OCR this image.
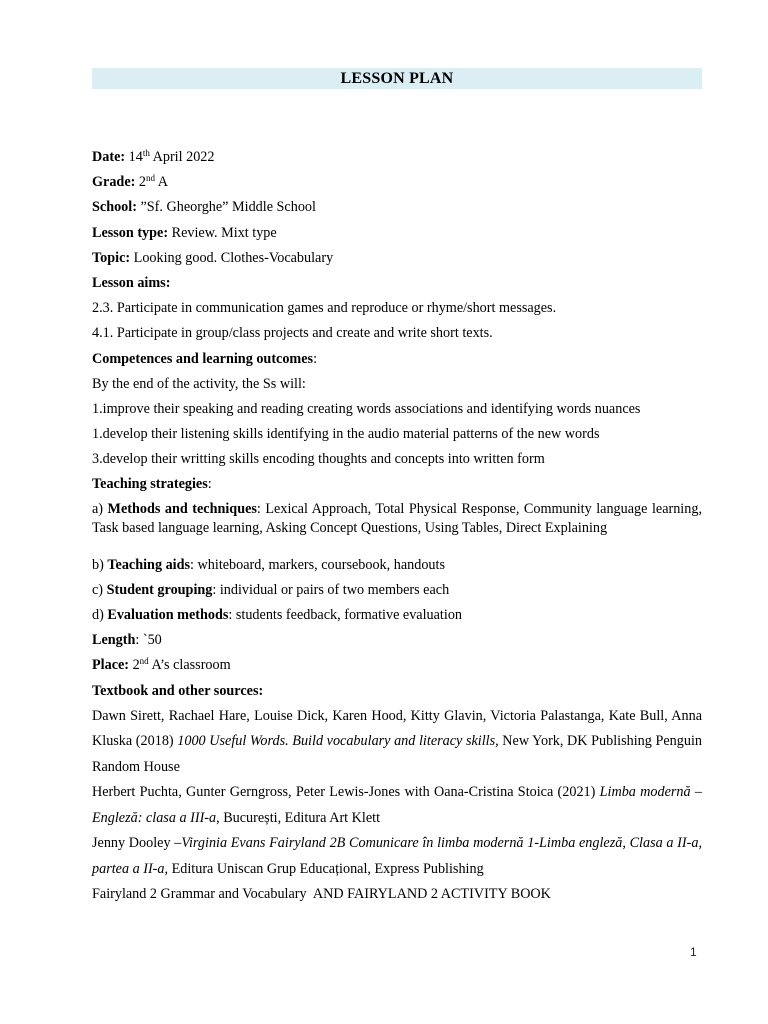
LESSON PLAN
Date: 14th April 2022
Grade: 2nd A
School: ”Sf. Gheorghe” Middle School
Lesson type: Review. Mixt type
Topic: Looking good. Clothes-Vocabulary
Lesson aims:
2.3. Participate in communication games and reproduce or rhyme/short messages.
4.1. Participate in group/class projects and create and write short texts.
Competences and learning outcomes:
By the end of the activity, the Ss will:
1.improve their speaking and reading creating words associations and identifying words nuances
1.develop their listening skills identifying in the audio material patterns of the new words
3.develop their writting skills encoding thoughts and concepts into written form
Teaching strategies:
a) Methods and techniques: Lexical Approach, Total Physical Response, Community language learning, Task based language learning, Asking Concept Questions, Using Tables, Direct Explaining
b) Teaching aids: whiteboard, markers, coursebook, handouts
c) Student grouping: individual or pairs of two members each
d) Evaluation methods: students feedback, formative evaluation
Length: `50
Place: 2nd A’s classroom
Textbook and other sources:
Dawn Sirett, Rachael Hare, Louise Dick, Karen Hood, Kitty Glavin, Victoria Palastanga, Kate Bull, Anna Kluska (2018) 1000 Useful Words. Build vocabulary and literacy skills, New York, DK Publishing Penguin Random House
Herbert Puchta, Gunter Gerngross, Peter Lewis-Jones with Oana-Cristina Stoica (2021) Limba modernă –Engleză: clasa a III-a, București, Editura Art Klett
Jenny Dooley –Virginia Evans Fairyland 2B Comunicare în limba modernă 1-Limba engleză, Clasa a II-a, partea a II-a, Editura Uniscan Grup Educațional, Express Publishing
Fairyland 2 Grammar and Vocabulary  AND FAIRYLAND 2 ACTIVITY BOOK
1
